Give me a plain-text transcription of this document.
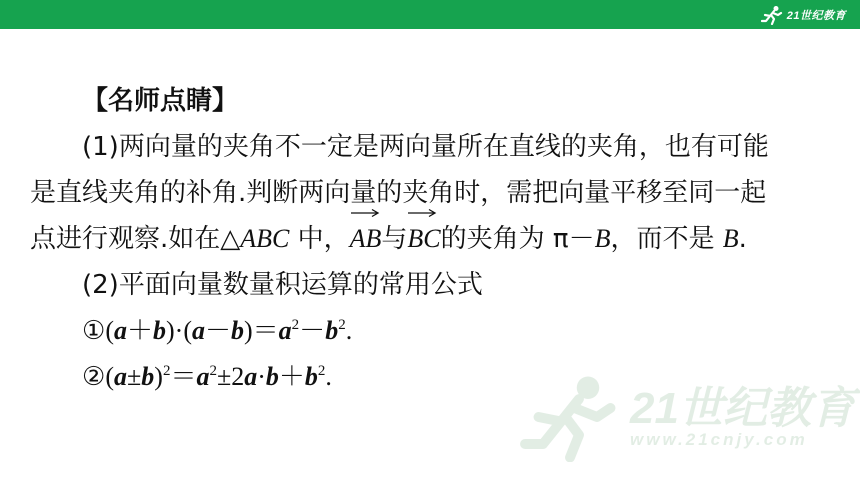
21世纪教育
【名师点睛】
(1)两向量的夹角不一定是两向量所在直线的夹角，也有可能
是直线夹角的补角.判断两向量的夹角时，需把向量平移至同一起
点进行观察.如在△ABC 中，
AB与
BC的夹角为 π－B，而不是 B.
(2)平面向量数量积运算的常用公式
$①(a+b)\cdot(a-b)=a^2-b^2$.
$②(a\pm b)^2=a^2\pm 2a\cdot b+b^2$.
21世纪教育
www.21cnjy.com
